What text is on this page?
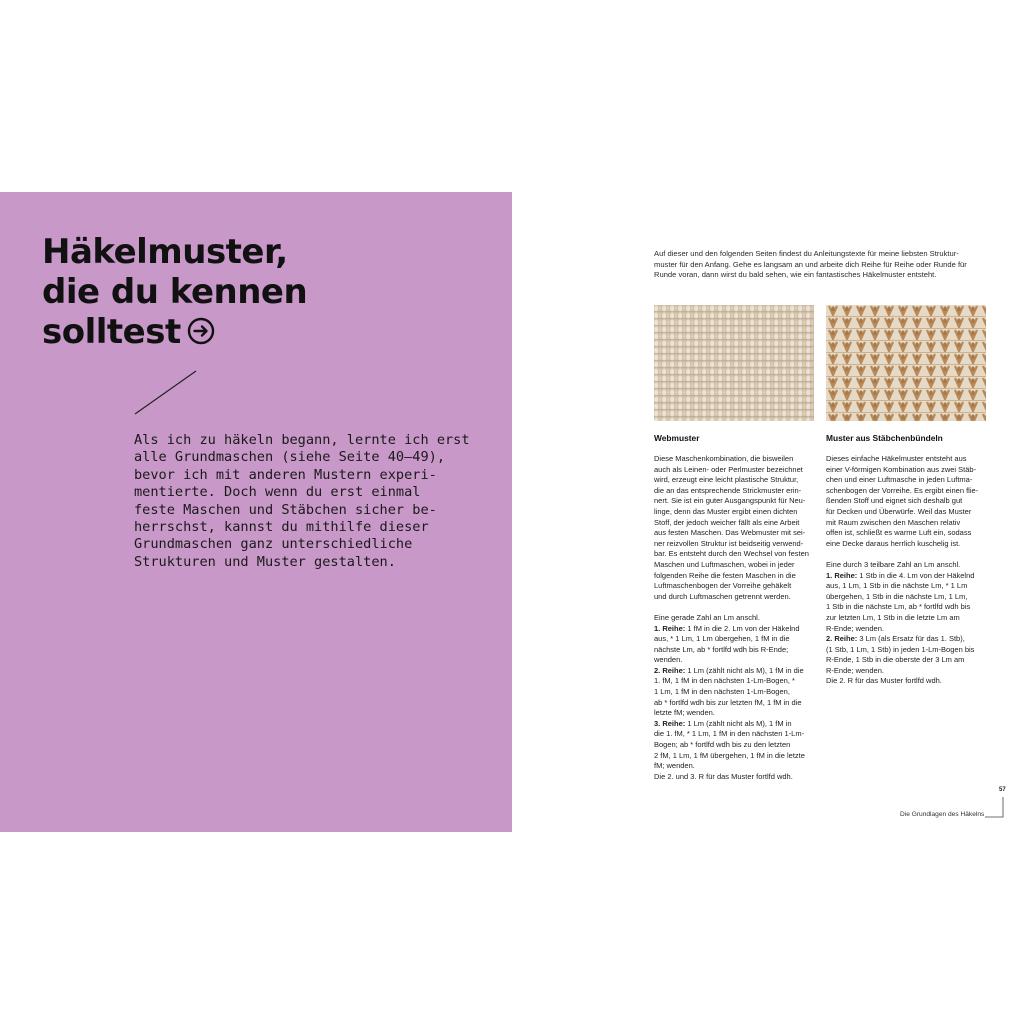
Häkelmuster,
die du kennen
solltest
Als ich zu häkeln begann, lernte ich erst
alle Grundmaschen (siehe Seite 40–49),
bevor ich mit anderen Mustern experi-
mentierte. Doch wenn du erst einmal
feste Maschen und Stäbchen sicher be-
herrschst, kannst du mithilfe dieser
Grundmaschen ganz unterschiedliche
Strukturen und Muster gestalten.
Auf dieser und den folgenden Seiten findest du Anleitungstexte für meine liebsten Struktur-
muster für den Anfang. Gehe es langsam an und arbeite dich Reihe für Reihe oder Runde für
Runde voran, dann wirst du bald sehen, wie ein fantastisches Häkelmuster entsteht.
Webmuster

Diese Maschenkombination, die bisweilen
auch als Leinen- oder Perlmuster bezeichnet
wird, erzeugt eine leicht plastische Struktur,
die an das entsprechende Strickmuster erin-
nert. Sie ist ein guter Ausgangspunkt für Neu-
linge, denn das Muster ergibt einen dichten
Stoff, der jedoch weicher fällt als eine Arbeit
aus festen Maschen. Das Webmuster mit sei-
ner reizvollen Struktur ist beidseitig verwend-
bar. Es entsteht durch den Wechsel von festen
Maschen und Luftmaschen, wobei in jeder
folgenden Reihe die festen Maschen in die
Luftmaschenbogen der Vorreihe gehäkelt
und durch Luftmaschen getrennt werden.

Eine gerade Zahl an Lm anschl.
1. Reihe: 1 fM in die 2. Lm von der Häkelnd
aus, * 1 Lm, 1 Lm übergehen, 1 fM in die
nächste Lm, ab * fortlfd wdh bis R-Ende;
wenden.
2. Reihe: 1 Lm (zählt nicht als M), 1 fM in die
1. fM, 1 fM in den nächsten 1-Lm-Bogen, *
1 Lm, 1 fM in den nächsten 1-Lm-Bogen,
ab * fortlfd wdh bis zur letzten fM, 1 fM in die
letzte fM; wenden.
3. Reihe: 1 Lm (zählt nicht als M), 1 fM in
die 1. fM, * 1 Lm, 1 fM in den nächsten 1-Lm-
Bogen; ab * fortlfd wdh bis zu den letzten
2 fM, 1 Lm, 1 fM übergehen, 1 fM in die letzte
fM; wenden.
Die 2. und 3. R für das Muster fortlfd wdh.

Muster aus Stäbchenbündeln

Dieses einfache Häkelmuster entsteht aus
einer V-förmigen Kombination aus zwei Stäb-
chen und einer Luftmasche in jeden Luftma-
schenbogen der Vorreihe. Es ergibt einen flie-
ßenden Stoff und eignet sich deshalb gut
für Decken und Überwürfe. Weil das Muster
mit Raum zwischen den Maschen relativ
offen ist, schließt es warme Luft ein, sodass
eine Decke daraus herrlich kuschelig ist.

Eine durch 3 teilbare Zahl an Lm anschl.
1. Reihe: 1 Stb in die 4. Lm von der Häkelnd
aus, 1 Lm, 1 Stb in die nächste Lm, * 1 Lm
übergehen, 1 Stb in die nächste Lm, 1 Lm,
1 Stb in die nächste Lm, ab * fortlfd wdh bis
zur letzten Lm, 1 Stb in die letzte Lm am
R-Ende; wenden.
2. Reihe: 3 Lm (als Ersatz für das 1. Stb),
(1 Stb, 1 Lm, 1 Stb) in jeden 1-Lm-Bogen bis
R-Ende, 1 Stb in die oberste der 3 Lm am
R-Ende; wenden.
Die 2. R für das Muster fortlfd wdh.

57
Die Grundlagen des Häkelns
